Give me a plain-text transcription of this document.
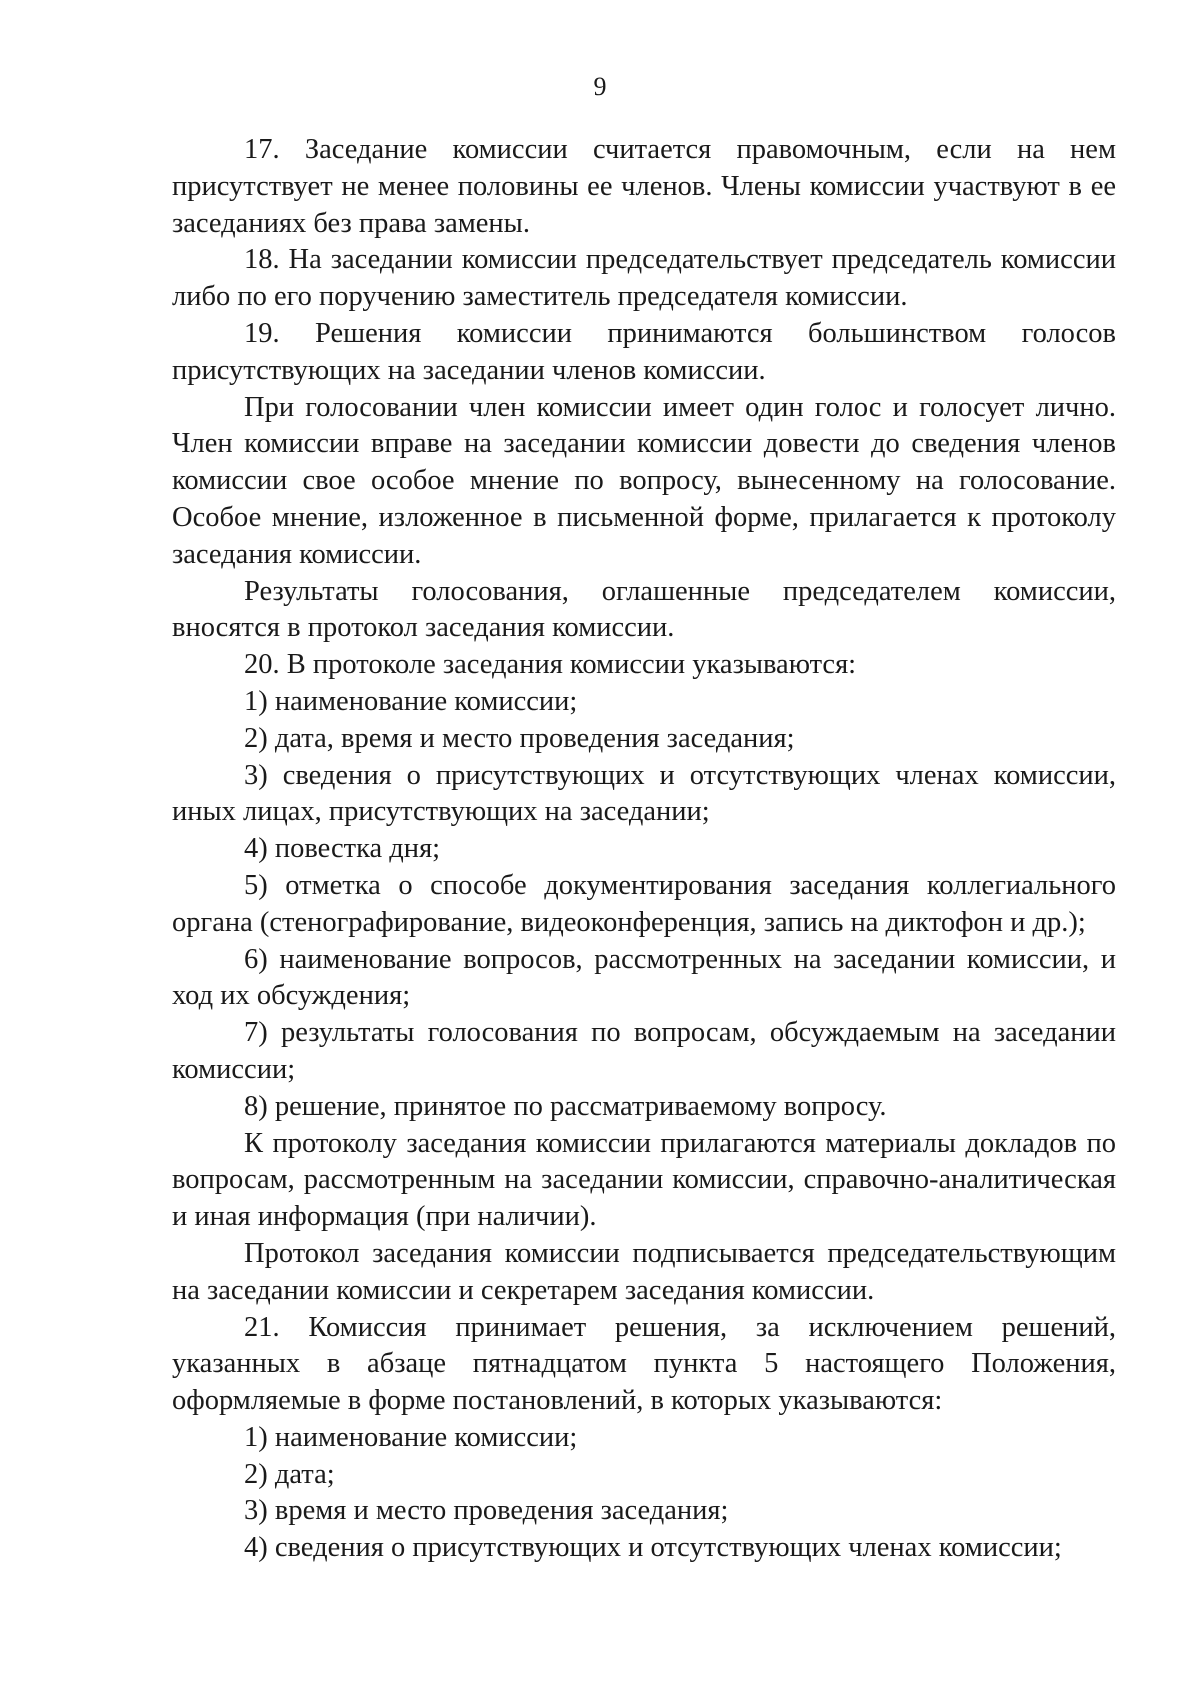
9

17. Заседание комиссии считается правомочным, если на нем присутствует не менее половины ее членов. Члены комиссии участвуют в ее заседаниях без права замены.

18. На заседании комиссии председательствует председатель комиссии либо по его поручению заместитель председателя комиссии.

19. Решения комиссии принимаются большинством голосов присутствующих на заседании членов комиссии.

При голосовании член комиссии имеет один голос и голосует лично. Член комиссии вправе на заседании комиссии довести до сведения членов комиссии свое особое мнение по вопросу, вынесенному на голосование. Особое мнение, изложенное в письменной форме, прилагается к протоколу заседания комиссии.

Результаты голосования, оглашенные председателем комиссии, вносятся в протокол заседания комиссии.

20. В протоколе заседания комиссии указываются:

1) наименование комиссии;

2) дата, время и место проведения заседания;

3) сведения о присутствующих и отсутствующих членах комиссии, иных лицах, присутствующих на заседании;

4) повестка дня;

5) отметка о способе документирования заседания коллегиального органа (стенографирование, видеоконференция, запись на диктофон и др.);

6) наименование вопросов, рассмотренных на заседании комиссии, и ход их обсуждения;

7) результаты голосования по вопросам, обсуждаемым на заседании комиссии;

8) решение, принятое по рассматриваемому вопросу.

К протоколу заседания комиссии прилагаются материалы докладов по вопросам, рассмотренным на заседании комиссии, справочно-аналитическая и иная информация (при наличии).

Протокол заседания комиссии подписывается председательствующим на заседании комиссии и секретарем заседания комиссии.

21. Комиссия принимает решения, за исключением решений, указанных в абзаце пятнадцатом пункта 5 настоящего Положения, оформляемые в форме постановлений, в которых указываются:

1) наименование комиссии;

2) дата;

3) время и место проведения заседания;

4) сведения о присутствующих и отсутствующих членах комиссии;
